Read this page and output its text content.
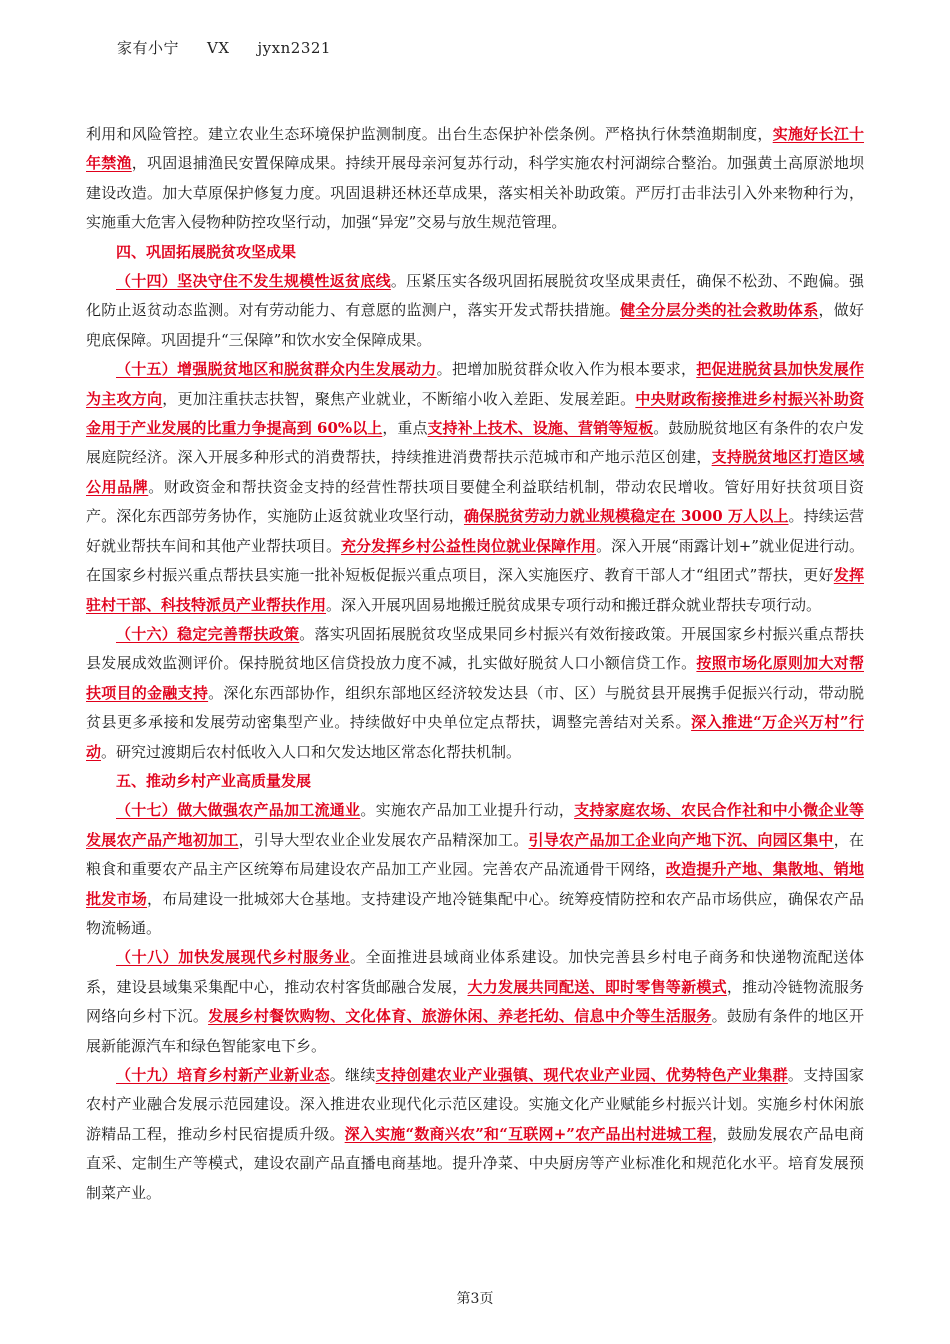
家有小宁 VX jyxn2321

利用和风险管控。建立农业生态环境保护监测制度。出台生态保护补偿条例。严格执行休禁渔期制度，实施好长江十年禁渔，巩固退捕渔民安置保障成果。持续开展母亲河复苏行动，科学实施农村河湖综合整治。加强黄土高原淤地坝建设改造。加大草原保护修复力度。巩固退耕还林还草成果，落实相关补助政策。严厉打击非法引入外来物种行为，实施重大危害入侵物种防控攻坚行动，加强“异宠”交易与放生规范管理。

四、巩固拓展脱贫攻坚成果

（十四）坚决守住不发生规模性返贫底线。压紧压实各级巩固拓展脱贫攻坚成果责任，确保不松劲、不跑偏。强化防止返贫动态监测。对有劳动能力、有意愿的监测户，落实开发式帮扶措施。健全分层分类的社会救助体系，做好兜底保障。巩固提升“三保障”和饮水安全保障成果。

（十五）增强脱贫地区和脱贫群众内生发展动力。把增加脱贫群众收入作为根本要求，把促进脱贫县加快发展作为主攻方向，更加注重扶志扶智，聚焦产业就业，不断缩小收入差距、发展差距。中央财政衔接推进乡村振兴补助资金用于产业发展的比重力争提高到 60%以上，重点支持补上技术、设施、营销等短板。鼓励脱贫地区有条件的农户发展庭院经济。深入开展多种形式的消费帮扶，持续推进消费帮扶示范城市和产地示范区创建，支持脱贫地区打造区域公用品牌。财政资金和帮扶资金支持的经营性帮扶项目要健全利益联结机制，带动农民增收。管好用好扶贫项目资产。深化东西部劳务协作，实施防止返贫就业攻坚行动，确保脱贫劳动力就业规模稳定在 3000 万人以上。持续运营好就业帮扶车间和其他产业帮扶项目。充分发挥乡村公益性岗位就业保障作用。深入开展“雨露计划+”就业促进行动。在国家乡村振兴重点帮扶县实施一批补短板促振兴重点项目，深入实施医疗、教育干部人才“组团式”帮扶，更好发挥驻村干部、科技特派员产业帮扶作用。深入开展巩固易地搬迁脱贫成果专项行动和搬迁群众就业帮扶专项行动。

（十六）稳定完善帮扶政策。落实巩固拓展脱贫攻坚成果同乡村振兴有效衔接政策。开展国家乡村振兴重点帮扶县发展成效监测评价。保持脱贫地区信贷投放力度不减，扎实做好脱贫人口小额信贷工作。按照市场化原则加大对帮扶项目的金融支持。深化东西部协作，组织东部地区经济较发达县（市、区）与脱贫县开展携手促振兴行动，带动脱贫县更多承接和发展劳动密集型产业。持续做好中央单位定点帮扶，调整完善结对关系。深入推进“万企兴万村”行动。研究过渡期后农村低收入人口和欠发达地区常态化帮扶机制。

五、推动乡村产业高质量发展

（十七）做大做强农产品加工流通业。实施农产品加工业提升行动，支持家庭农场、农民合作社和中小微企业等发展农产品产地初加工，引导大型农业企业发展农产品精深加工。引导农产品加工企业向产地下沉、向园区集中，在粮食和重要农产品主产区统筹布局建设农产品加工产业园。完善农产品流通骨干网络，改造提升产地、集散地、销地批发市场，布局建设一批城郊大仓基地。支持建设产地冷链集配中心。统筹疫情防控和农产品市场供应，确保农产品物流畅通。

（十八）加快发展现代乡村服务业。全面推进县域商业体系建设。加快完善县乡村电子商务和快递物流配送体系，建设县域集采集配中心，推动农村客货邮融合发展，大力发展共同配送、即时零售等新模式，推动冷链物流服务网络向乡村下沉。发展乡村餐饮购物、文化体育、旅游休闲、养老托幼、信息中介等生活服务。鼓励有条件的地区开展新能源汽车和绿色智能家电下乡。

（十九）培育乡村新产业新业态。继续支持创建农业产业强镇、现代农业产业园、优势特色产业集群。支持国家农村产业融合发展示范园建设。深入推进农业现代化示范区建设。实施文化产业赋能乡村振兴计划。实施乡村休闲旅游精品工程，推动乡村民宿提质升级。深入实施“数商兴农”和“互联网+”农产品出村进城工程，鼓励发展农产品电商直采、定制生产等模式，建设农副产品直播电商基地。提升净菜、中央厨房等产业标准化和规范化水平。培育发展预制菜产业。

第3页
